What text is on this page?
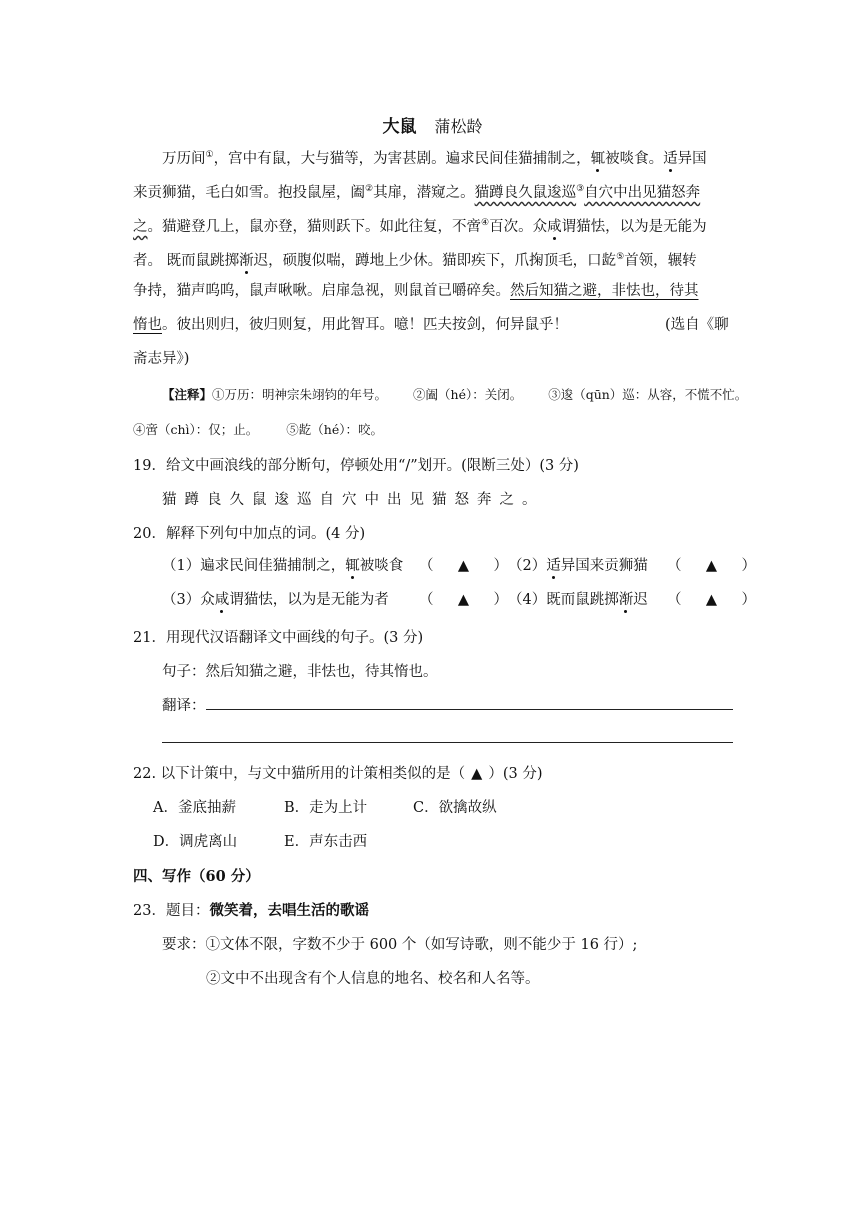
大鼠 蒲松龄
万历间①，宫中有鼠，大与猫等，为害甚剧。遍求民间佳猫捕制之，辄被啖食。适异国
来贡狮猫，毛白如雪。抱投鼠屋，阖②其扉，潜窥之。猫蹲良久鼠逡巡③自穴中出见猫怒奔
之。猫避登几上，鼠亦登，猫则跃下。如此往复，不啻④百次。众咸谓猫怯，以为是无能为
者。 既而鼠跳掷渐迟，硕腹似喘，蹲地上少休。猫即疾下，爪掬顶毛，口龁⑤首领，辗转
争持，猫声呜呜，鼠声啾啾。启扉急视，则鼠首已嚼碎矣。然后知猫之避，非怯也，待其
惰也。彼出则归，彼归则复，用此智耳。噫！匹夫按剑，何异鼠乎！	(选自《聊
斋志异》)
【注释】①万历：明神宗朱翊钧的年号。 ②阖（hé）：关闭。 ③逡（qūn）巡：从容，不慌不忙。
④啻（chì）：仅；止。 ⑤龁（hé）：咬。
19．给文中画浪线的部分断句，停顿处用“/”划开。(限断三处）(3 分)
猫蹲良久鼠逡巡自穴中出见猫怒奔之。
20．解释下列句中加点的词。(4 分)
（1）遍求民间佳猫捕制之，辄被啖食 （ ▲ ） （2）适异国来贡狮猫 （ ▲ ）
（3）众咸谓猫怯，以为是无能为者 （ ▲ ） （4）既而鼠跳掷渐迟 （ ▲ ）
21．用现代汉语翻译文中画线的句子。(3 分)
句子：然后知猫之避，非怯也，待其惰也。
翻译：
22. 以下计策中，与文中猫所用的计策相类似的是（ ▲ ）(3 分)
A．釜底抽薪	B．走为上计	C．欲擒故纵
D．调虎离山	E．声东击西
四、写作（60 分）
23．题目：微笑着，去唱生活的歌谣
要求：①文体不限，字数不少于 600 个（如写诗歌，则不能少于 16 行）;
②文中不出现含有个人信息的地名、校名和人名等。
